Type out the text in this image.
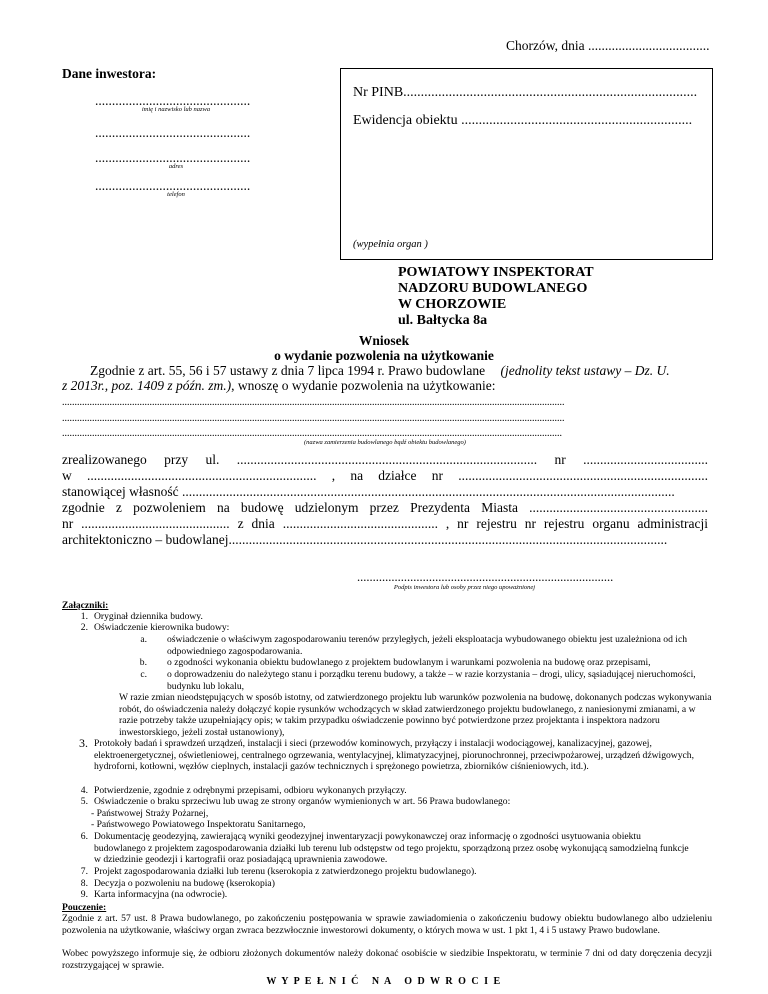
Chorzów, dnia ....................................
Dane inwestora:
..............................................
imię i nazwisko lub nazwa
..............................................
..............................................
adres
..............................................
telefon
Nr PINB....................................................................................
Ewidencja obiektu ..................................................................
(wypełnia organ )
POWIATOWY INSPEKTORAT
NADZORU BUDOWLANEGO
W CHORZOWIE
ul. Bałtycka 8a
Wniosek
o wydanie pozwolenia na użytkowanie
Zgodnie z art. 55, 56 i 57 ustawy z dnia 7 lipca 1994 r. Prawo budowlane (jednolity tekst ustawy – Dz. U.
z 2013r., poz. 1409 z późn. zm.), wnoszę o wydanie pozwolenia na użytkowanie:
.........................................................................................................................................................................................................
.........................................................................................................................................................................................................
........................................................................................................................................................................................................
(nazwa zamierzenia budowlanego bądź obiektu budowlanego)
zrealizowanego przy ul. ......................................................................................... nr .....................................
w .................................................................... , na działce nr ..........................................................................
stanowiącej własność ..................................................................................................................................................
zgodnie z pozwoleniem na budowę udzielonym przez Prezydenta Miasta .....................................................
nr ............................................ z dnia .............................................. , nr rejestru nr rejestru organu administracji
architektoniczno – budowlanej..................................................................................................................................
..................................................................................
Podpis inwestora lub osoby przez niego upoważnionej
Załączniki:
1. Oryginał dziennika budowy.
2. Oświadczenie kierownika budowy:
a. oświadczenie o właściwym zagospodarowaniu terenów przyległych, jeżeli eksploatacja wybudowanego obiektu jest uzależniona od ich odpowiedniego zagospodarowania.
b. o zgodności wykonania obiektu budowlanego z projektem budowlanym i warunkami pozwolenia na budowę oraz przepisami,
c. o doprowadzeniu do należytego stanu i porządku terenu budowy, a także – w razie korzystania – drogi, ulicy, sąsiadującej nieruchomości, budynku lub lokalu,
W razie zmian nieodstępujących w sposób istotny, od zatwierdzonego projektu lub warunków pozwolenia na budowę, dokonanych podczas wykonywania robót, do oświadczenia należy dołączyć kopie rysunków wchodzących w skład zatwierdzonego projektu budowlanego, z naniesionymi zmianami, a w razie potrzeby także uzupełniający opis; w takim przypadku oświadczenie powinno być potwierdzone przez projektanta i inspektora nadzoru inwestorskiego, jeżeli został ustanowiony),
3. Protokoły badań i sprawdzeń urządzeń, instalacji i sieci (przewodów kominowych, przyłączy i instalacji wodociągowej, kanalizacyjnej, gazowej, elektroenergetycznej, oświetleniowej, centralnego ogrzewania, wentylacyjnej, klimatyzacyjnej, piorunochronnej, przeciwpożarowej, urządzeń dźwigowych, hydroforni, kotłowni, węzłów cieplnych, instalacji gazów technicznych i sprężonego powietrza, zbiorników ciśnieniowych, itd.).
4. Potwierdzenie, zgodnie z odrębnymi przepisami, odbioru wykonanych przyłączy.
5. Oświadczenie o braku sprzeciwu lub uwag ze strony organów wymienionych w art. 56 Prawa budowlanego:
- Państwowej Straży Pożarnej,
- Państwowego Powiatowego Inspektoratu Sanitarnego,
6. Dokumentację geodezyjną, zawierającą wyniki geodezyjnej inwentaryzacji powykonawczej oraz informację o zgodności usytuowania obiektu budowlanego z projektem zagospodarowania działki lub terenu lub odstępstw od tego projektu, sporządzoną przez osobę wykonującą samodzielną funkcje w dziedzinie geodezji i kartografii oraz posiadającą uprawnienia zawodowe.
7. Projekt zagospodarowania działki lub terenu (kserokopia z zatwierdzonego projektu budowlanego).
8. Decyzja o pozwoleniu na budowę (kserokopia)
9. Karta informacyjna (na odwrocie).
Pouczenie:
Zgodnie z art. 57 ust. 8 Prawa budowlanego, po zakończeniu postępowania w sprawie zawiadomienia o zakończeniu budowy obiektu budowlanego albo udzieleniu pozwolenia na użytkowanie, właściwy organ zwraca bezzwłocznie inwestorowi dokumenty, o których mowa w ust. 1 pkt 1, 4 i 5 ustawy Prawo budowlane.
Wobec powyższego informuje się, że odbioru złożonych dokumentów należy dokonać osobiście w siedzibie Inspektoratu, w terminie 7 dni od daty doręczenia decyzji rozstrzygającej w sprawie.
W Y P E Ł N I Ć   N A   O D W R O C I E
